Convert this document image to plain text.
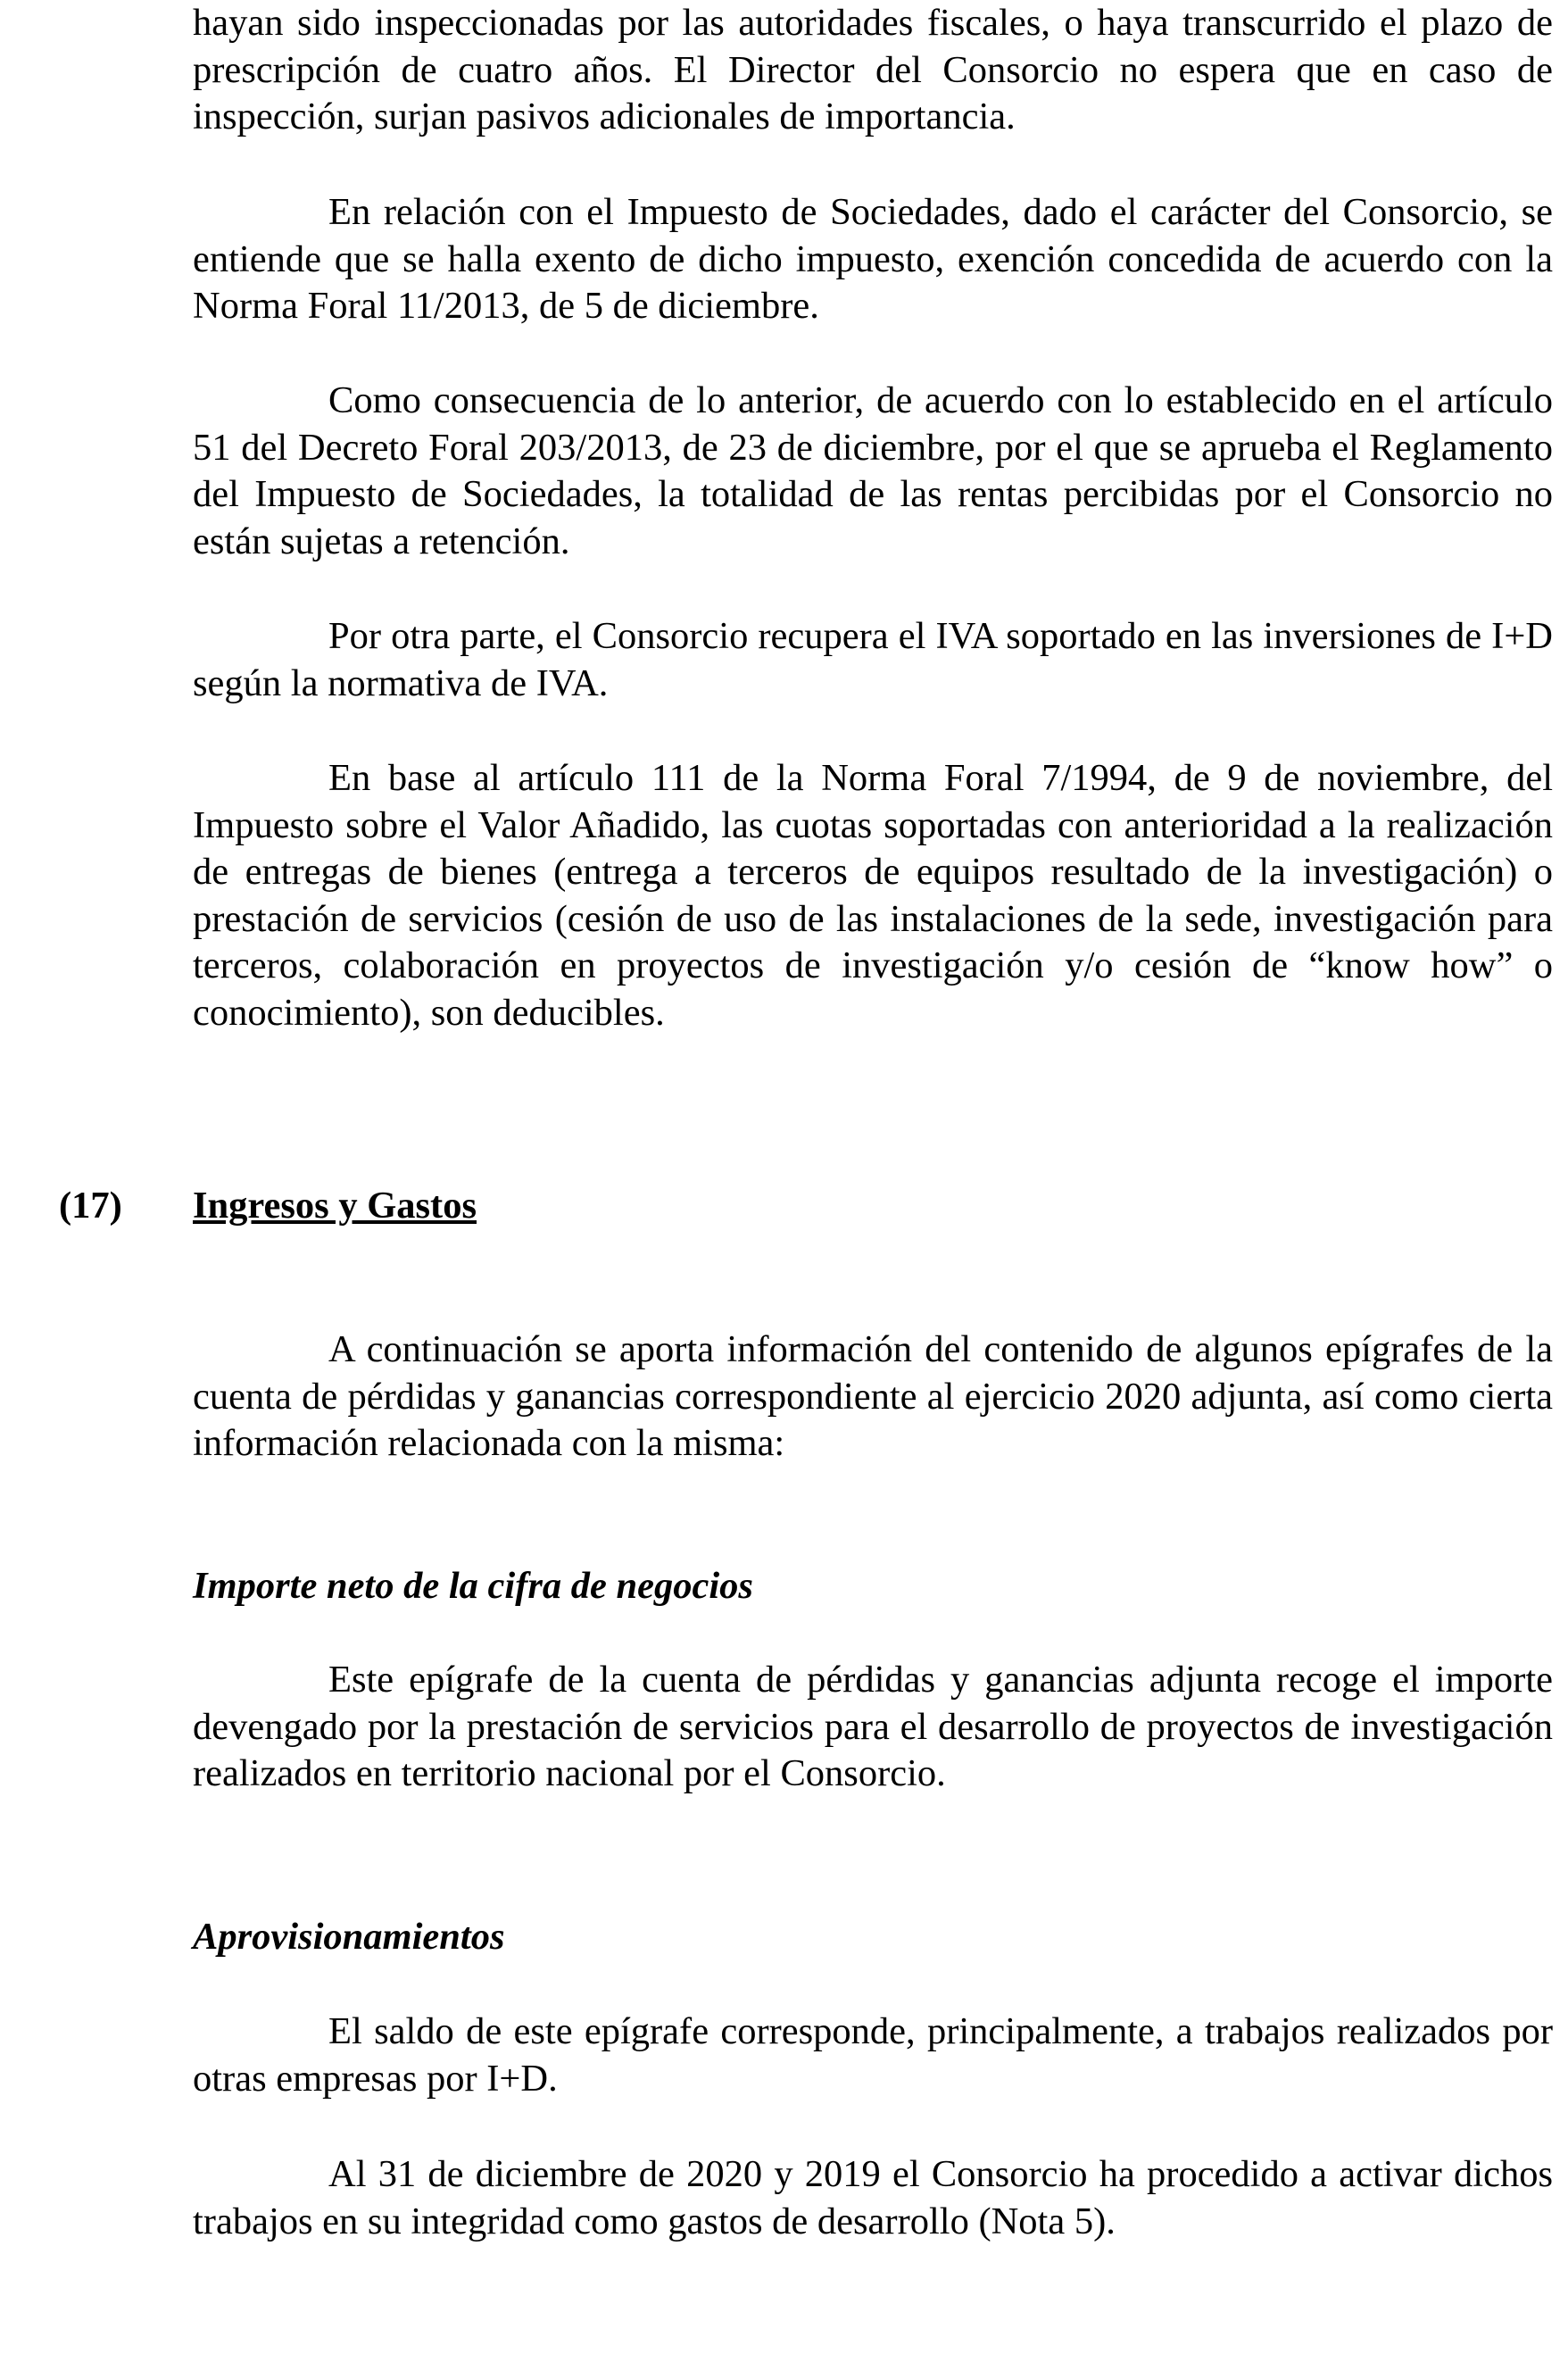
hayan sido inspeccionadas por las autoridades fiscales, o haya transcurrido el plazo de prescripción de cuatro años. El Director del Consorcio no espera que en caso de inspección, surjan pasivos adicionales de importancia.

En relación con el Impuesto de Sociedades, dado el carácter del Consorcio, se entiende que se halla exento de dicho impuesto, exención concedida de acuerdo con la Norma Foral 11/2013, de 5 de diciembre.

Como consecuencia de lo anterior, de acuerdo con lo establecido en el artículo 51 del Decreto Foral 203/2013, de 23 de diciembre, por el que se aprueba el Reglamento del Impuesto de Sociedades, la totalidad de las rentas percibidas por el Consorcio no están sujetas a retención.

Por otra parte, el Consorcio recupera el IVA soportado en las inversiones de I+D según la normativa de IVA.

En base al artículo 111 de la Norma Foral 7/1994, de 9 de noviembre, del Impuesto sobre el Valor Añadido, las cuotas soportadas con anterioridad a la realización de entregas de bienes (entrega a terceros de equipos resultado de la investigación) o prestación de servicios (cesión de uso de las instalaciones de la sede, investigación para terceros, colaboración en proyectos de investigación y/o cesión de “know how” o conocimiento), son deducibles.

(17) Ingresos y Gastos

A continuación se aporta información del contenido de algunos epígrafes de la cuenta de pérdidas y ganancias correspondiente al ejercicio 2020 adjunta, así como cierta información relacionada con la misma:

Importe neto de la cifra de negocios

Este epígrafe de la cuenta de pérdidas y ganancias adjunta recoge el importe devengado por la prestación de servicios para el desarrollo de proyectos de investigación realizados en territorio nacional por el Consorcio.

Aprovisionamientos

El saldo de este epígrafe corresponde, principalmente, a trabajos realizados por otras empresas por I+D.

Al 31 de diciembre de 2020 y 2019 el Consorcio ha procedido a activar dichos trabajos en su integridad como gastos de desarrollo (Nota 5).
